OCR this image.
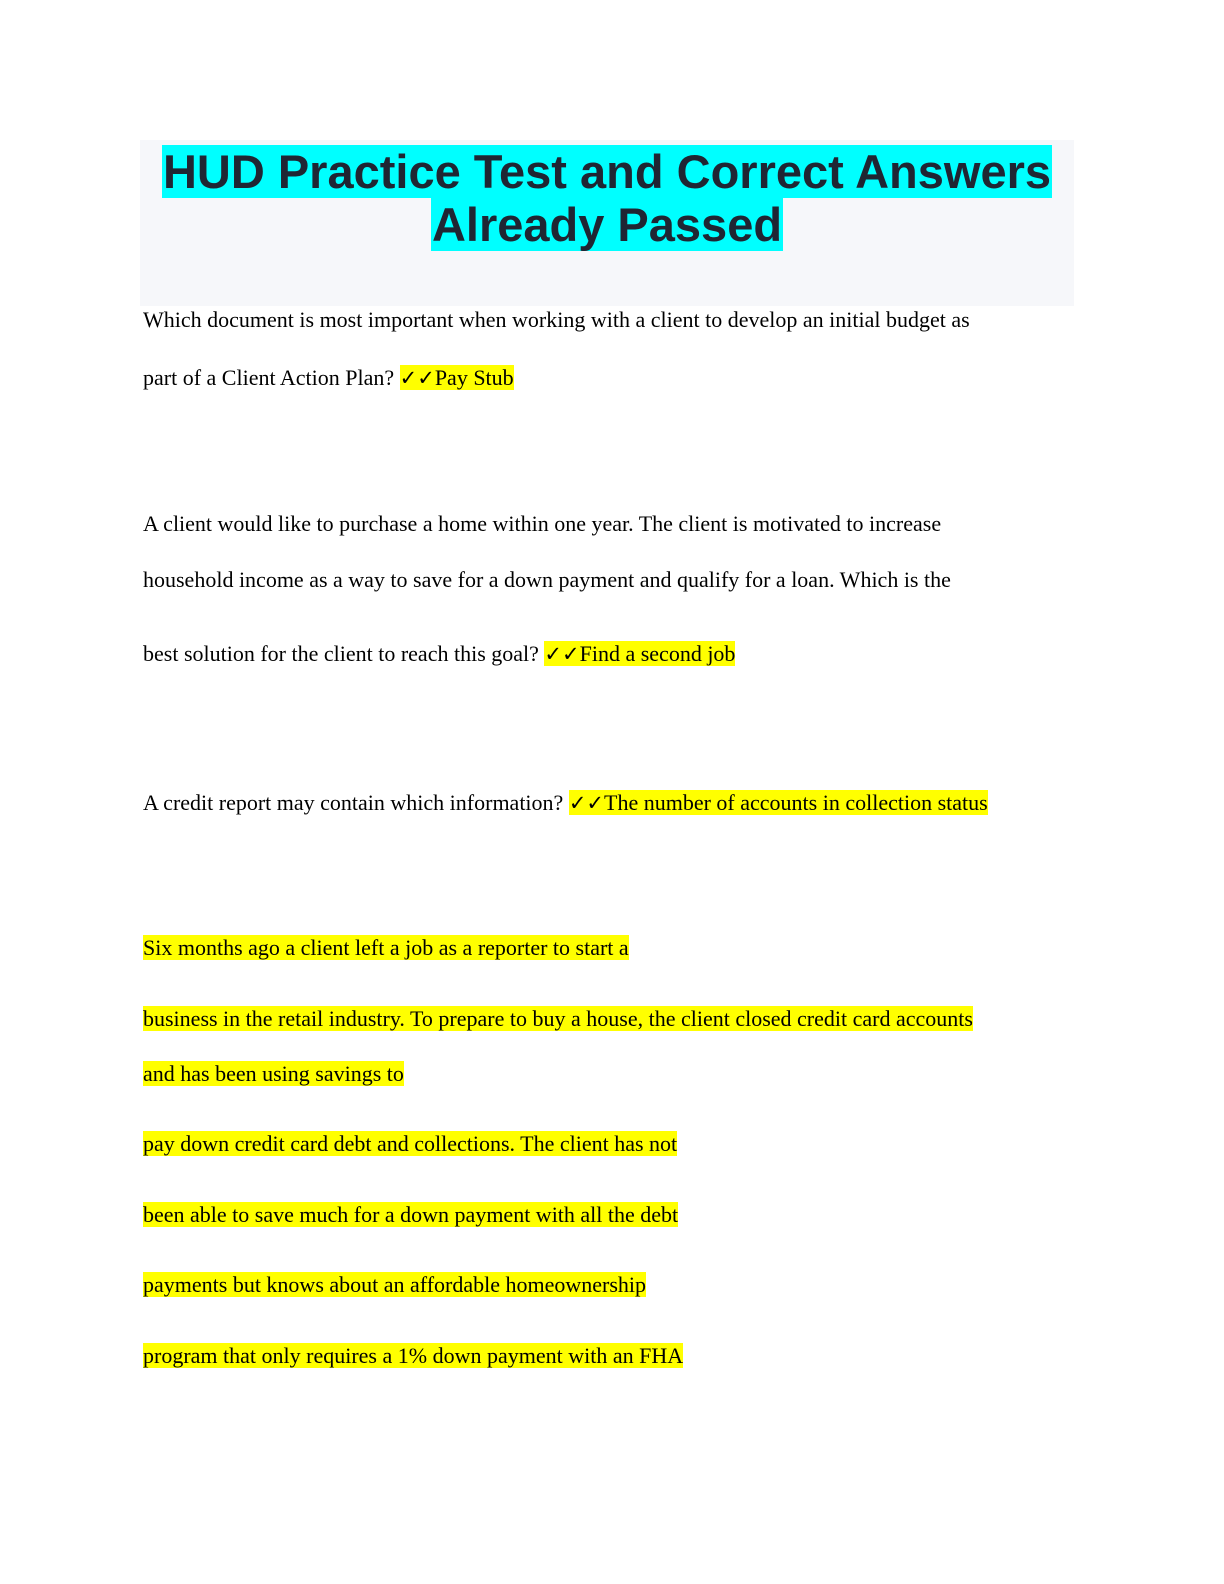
HUD Practice Test and Correct Answers
Already Passed
Which document is most important when working with a client to develop an initial budget as
part of a Client Action Plan? ✓✓Pay Stub
A client would like to purchase a home within one year. The client is motivated to increase
household income as a way to save for a down payment and qualify for a loan. Which is the
best solution for the client to reach this goal? ✓✓Find a second job
A credit report may contain which information? ✓✓The number of accounts in collection status
Six months ago a client left a job as a reporter to start a
business in the retail industry. To prepare to buy a house, the client closed credit card accounts
and has been using savings to
pay down credit card debt and collections. The client has not
been able to save much for a down payment with all the debt
payments but knows about an affordable homeownership
program that only requires a 1% down payment with an FHA
